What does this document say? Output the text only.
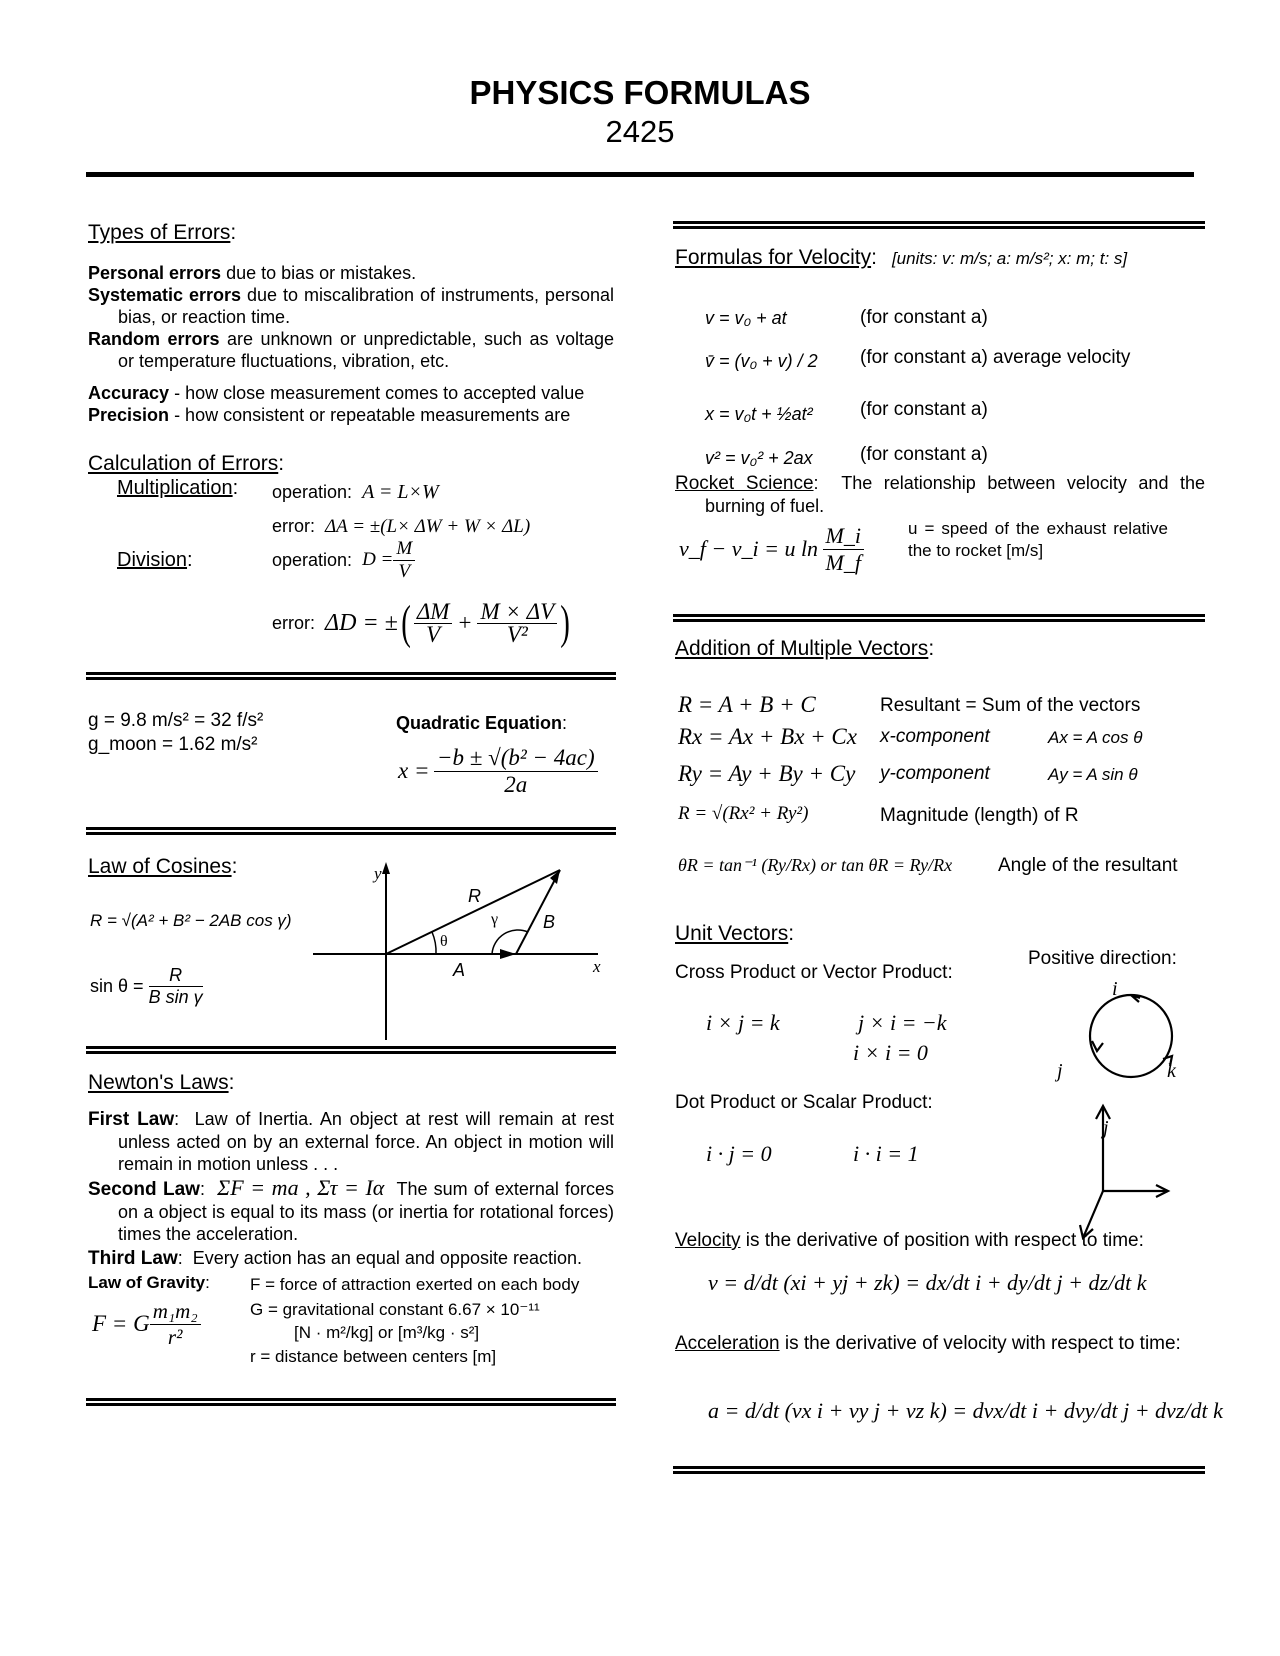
PHYSICS FORMULAS
2425
Types of Errors:
Personal errors due to bias or mistakes.
Systematic errors due to miscalibration of instruments, personal bias, or reaction time.
Random errors are unknown or unpredictable, such as voltage or temperature fluctuations, vibration, etc.
Accuracy - how close measurement comes to accepted value
Precision - how consistent or repeatable measurements are
Calculation of Errors:
Multiplication: operation: A = L×W
error: ΔA = ±(L× ΔW + W × ΔL)
Division:	operation:
$D = \frac{M}{V}$
error:
ΔD = ± ( $\frac{\Delta M}{V} + \frac{M \times \Delta V}{\text{V²}}$ )
g = 9.8 m/s² = 32 f/s²
g_moon = 1.62 m/s²
Quadratic Equation:
x =
$\frac{\text{−b ± √(b² − 4ac)}}{2a}$
Law of Cosines:
R = √(A² + B² − 2AB cos γ)
sin θ =
$\frac{R}{\text{B sin γ}}$
y
x
R
A
B
θ
γ
Newton's Laws:
First Law:  Law of Inertia. An object at rest will remain at rest unless acted on by an external force. An object in motion will remain in motion unless . . .
Second Law:  ΣF = ma , Στ = Iα The sum of external forces on a object is equal to its mass (or inertia for rotational forces) times the acceleration.
Third Law:  Every action has an equal and opposite reaction.
Law of Gravity:
F = G $\frac{\text{m₁m₂}}{\text{r²}}$
F = force of attraction exerted on each body
G = gravitational constant 6.67 × 10⁻¹¹
[N · m²/kg] or [m³/kg · s²]
r = distance between centers [m]
Formulas for Velocity: [units: v: m/s; a: m/s²; x: m; t: s]
v = v₀ + at	(for constant a)
v̄ = (v₀ + v) / 2 (for constant a) average velocity
x = v₀t + ½at² (for constant a)
v² = v₀² + 2ax (for constant a)
Rocket Science:  The relationship between velocity and the burning of fuel.
v_f − v_i = u ln
$\frac{M\_i}{M\_f}$	u = speed of the exhaust relative the to rocket [m/s]
Addition of Multiple Vectors:
R = A + B + C	Resultant = Sum of the vectors
Rx = Ax + Bx + Cx x-component	Ax = A cos θ
Ry = Ay + By + Cy y-component	Ay = A sin θ
R = √(Rx² + Ry²)	Magnitude (length) of R
θR = tan⁻¹ (Ry/Rx) or tan θR = Ry/Rx Angle of the resultant
Unit Vectors:
Cross Product or Vector Product:
i × j = k	j × i = −k
i × i = 0
Dot Product or Scalar Product:
i · j = 0	i · i = 1
Positive direction:
i
j	k
j
Velocity is the derivative of position with respect to time:
v = d/dt (xi + yj + zk) = dx/dt i + dy/dt j + dz/dt k
Acceleration is the derivative of velocity with respect to time:
a = d/dt (vx i + vy j + vz k) = dvx/dt i + dvy/dt j + dvz/dt k
